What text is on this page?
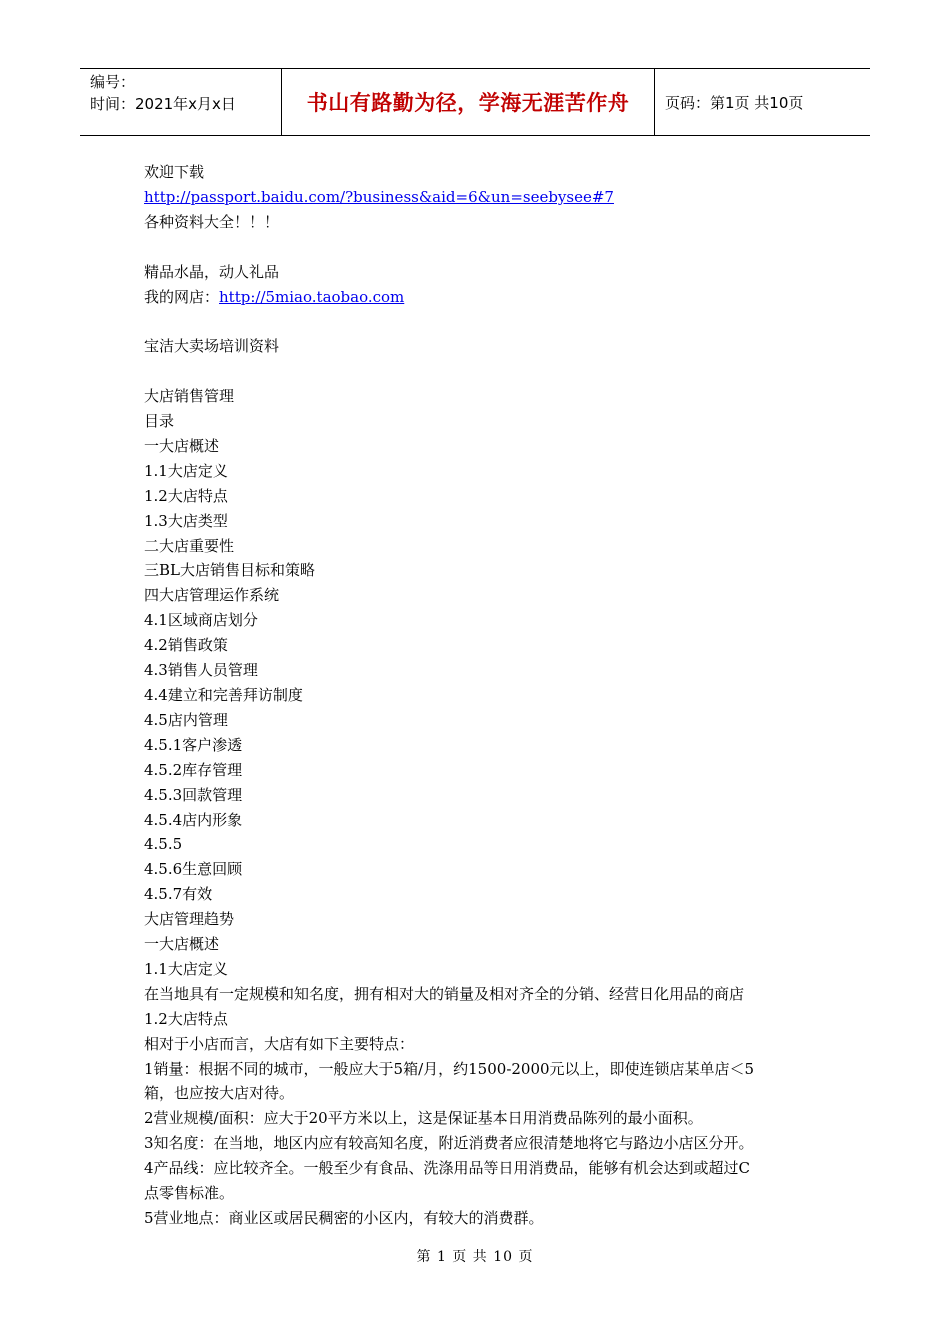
编号：
时间：2021年x月x日	书山有路勤为径，学海无涯苦作舟 页码：第1页 共10页
欢迎下载
http://passport.baidu.com/?business&aid=6&un=seebysee#7
各种资料大全！！！
精品水晶，动人礼品
我的网店：http://5miao.taobao.com
宝洁大卖场培训资料
大店销售管理
目录
一大店概述
1.1大店定义
1.2大店特点
1.3大店类型
二大店重要性
三BL大店销售目标和策略
四大店管理运作系统
4.1区域商店划分
4.2销售政策
4.3销售人员管理
4.4建立和完善拜访制度
4.5店内管理
4.5.1客户渗透
4.5.2库存管理
4.5.3回款管理
4.5.4店内形象
4.5.5
4.5.6生意回顾
4.5.7有效
大店管理趋势
一大店概述
1.1大店定义
在当地具有一定规模和知名度，拥有相对大的销量及相对齐全的分销、经营日化用品的商店
1.2大店特点
相对于小店而言，大店有如下主要特点：
1销量：根据不同的城市，一般应大于5箱/月，约1500-2000元以上，即使连锁店某单店＜5
箱，也应按大店对待。
2营业规模/面积：应大于20平方米以上，这是保证基本日用消费品陈列的最小面积。
3知名度：在当地，地区内应有较高知名度，附近消费者应很清楚地将它与路边小店区分开。
4产品线：应比较齐全。一般至少有食品、洗涤用品等日用消费品，能够有机会达到或超过C
点零售标准。
5营业地点：商业区或居民稠密的小区内，有较大的消费群。
第 1 页 共 10 页
